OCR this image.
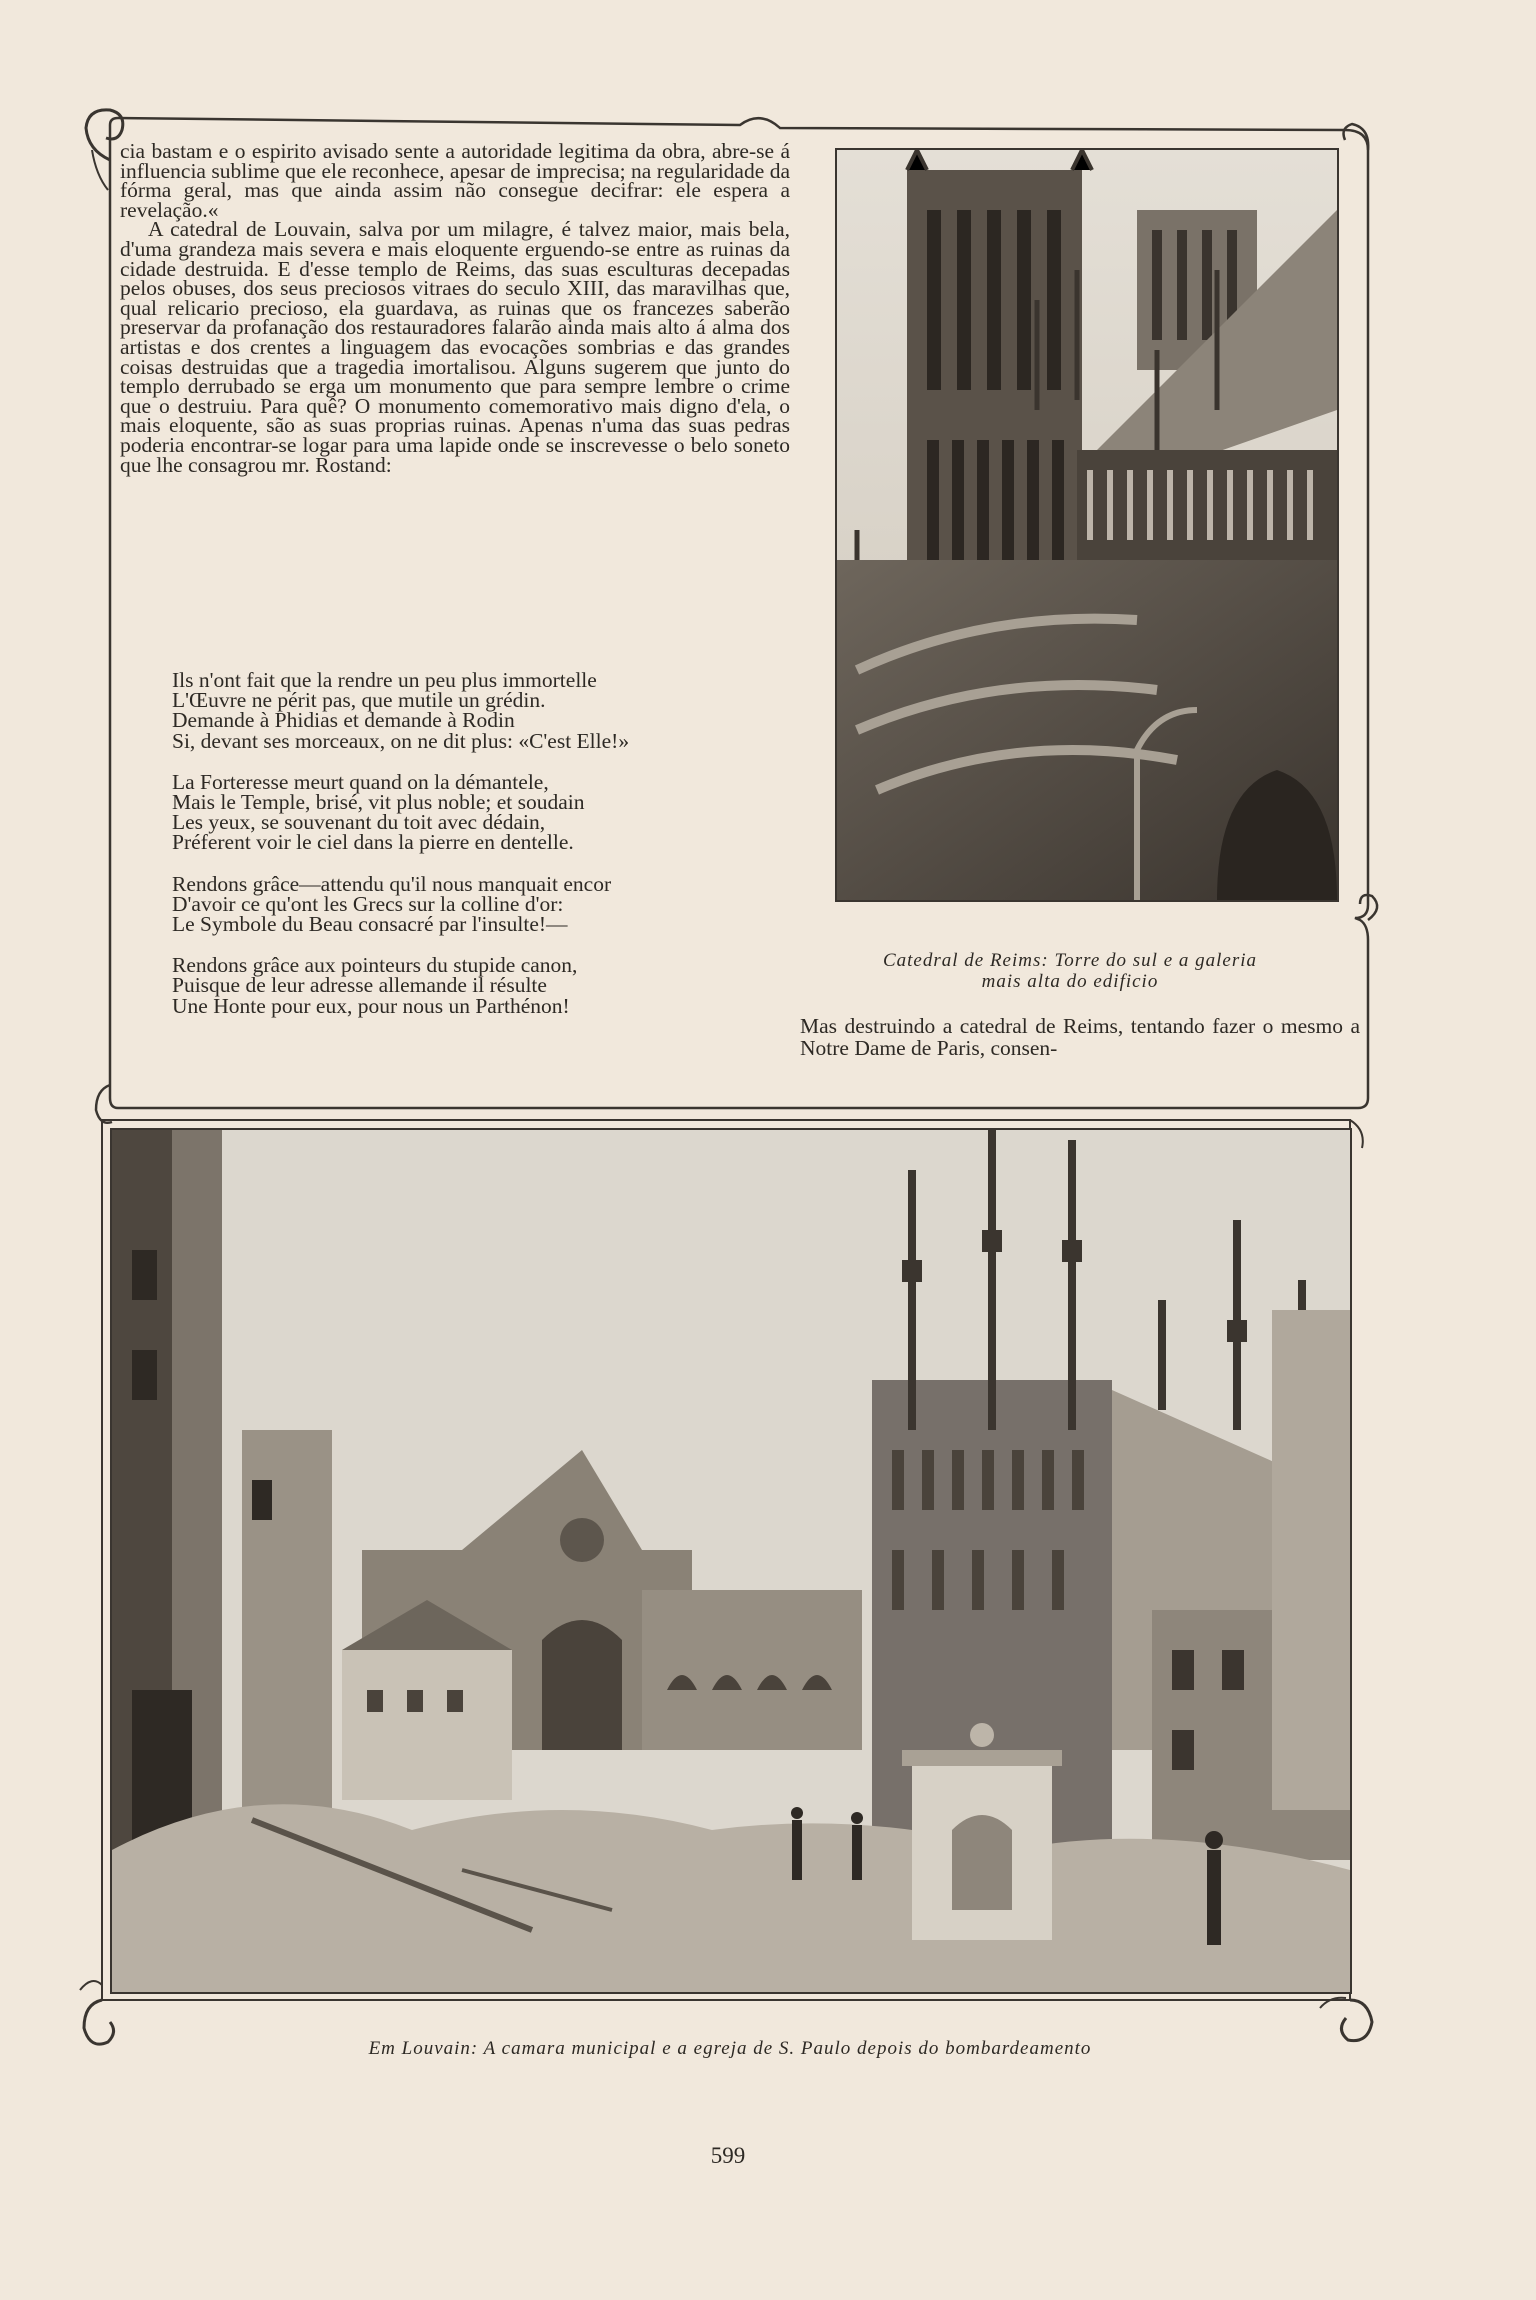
cia bastam e o espirito avisado sente a autoridade legitima da obra, abre-se á influencia sublime que ele reconhece, apesar de imprecisa; na regularidade da fórma geral, mas que ainda assim não consegue decifrar: ele espera a revelação.«

A catedral de Louvain, salva por um milagre, é talvez maior, mais bela, d'uma grandeza mais severa e mais eloquente erguendo-se entre as ruinas da cidade destruida. E d'esse templo de Reims, das suas esculturas decepadas pelos obuses, dos seus preciosos vitraes do seculo XIII, das maravilhas que, qual relicario precioso, ela guardava, as ruinas que os francezes saberão preservar da profanação dos restauradores falarão ainda mais alto á alma dos artistas e dos crentes a linguagem das evocações sombrias e das grandes coisas destruidas que a tragedia imortalisou. Alguns sugerem que junto do templo derrubado se erga um monumento que para sempre lembre o crime que o destruiu. Para quê? O monumento comemorativo mais digno d'ela, o mais eloquente, são as suas proprias ruinas. Apenas n'uma das suas pedras poderia encontrar-se logar para uma lapide onde se inscrevesse o belo soneto que lhe consagrou mr. Rostand:

Ils n'ont fait que la rendre un peu plus immortelle
L'Œuvre ne périt pas, que mutile un grédin.
Demande à Phidias et demande à Rodin
Si, devant ses morceaux, on ne dit plus: «C'est Elle!»
La Forteresse meurt quand on la démantele,
Mais le Temple, brisé, vit plus noble; et soudain
Les yeux, se souvenant du toit avec dédain,
Préferent voir le ciel dans la pierre en dentelle.
Rendons grâce—attendu qu'il nous manquait encor
D'avoir ce qu'ont les Grecs sur la colline d'or:
Le Symbole du Beau consacré par l'insulte!—
Rendons grâce aux pointeurs du stupide canon,
Puisque de leur adresse allemande il résulte
Une Honte pour eux, pour nous un Parthénon!
Catedral de Reims: Torre do sul e a galeria
mais alta do edificio
Mas destruindo a catedral de Reims, tentando fazer o mesmo a Notre Dame de Paris, consen-
Em Louvain: A camara municipal e a egreja de S. Paulo depois do bombardeamento
599
